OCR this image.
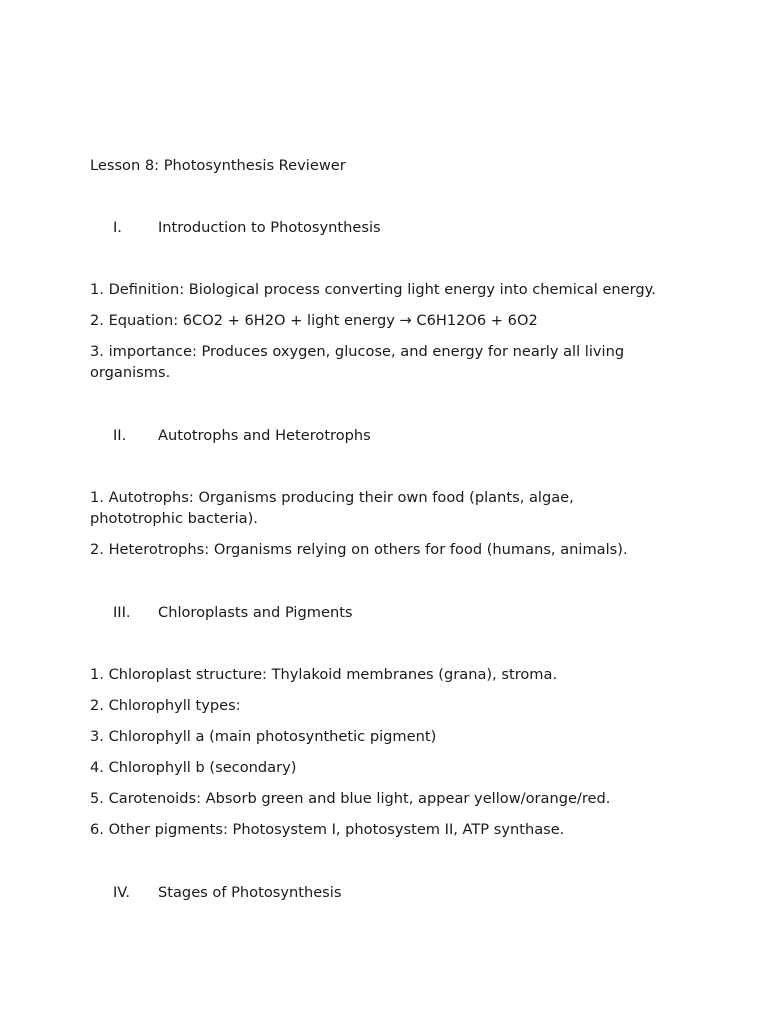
Lesson 8: Photosynthesis Reviewer
I.	Introduction to Photosynthesis

1. Definition: Biological process converting light energy into chemical energy.

2. Equation: 6CO2 + 6H2O + light energy → C6H12O6 + 6O2

3. importance: Produces oxygen, glucose, and energy for nearly all living organisms.

II.	Autotrophs and Heterotrophs

1. Autotrophs: Organisms producing their own food (plants, algae, phototrophic bacteria).

2. Heterotrophs: Organisms relying on others for food (humans, animals).

III.	Chloroplasts and Pigments

1. Chloroplast structure: Thylakoid membranes (grana), stroma.

2. Chlorophyll types:

3. Chlorophyll a (main photosynthetic pigment)

4. Chlorophyll b (secondary)

5. Carotenoids: Absorb green and blue light, appear yellow/orange/red.

6. Other pigments: Photosystem I, photosystem II, ATP synthase.

IV.	Stages of Photosynthesis
